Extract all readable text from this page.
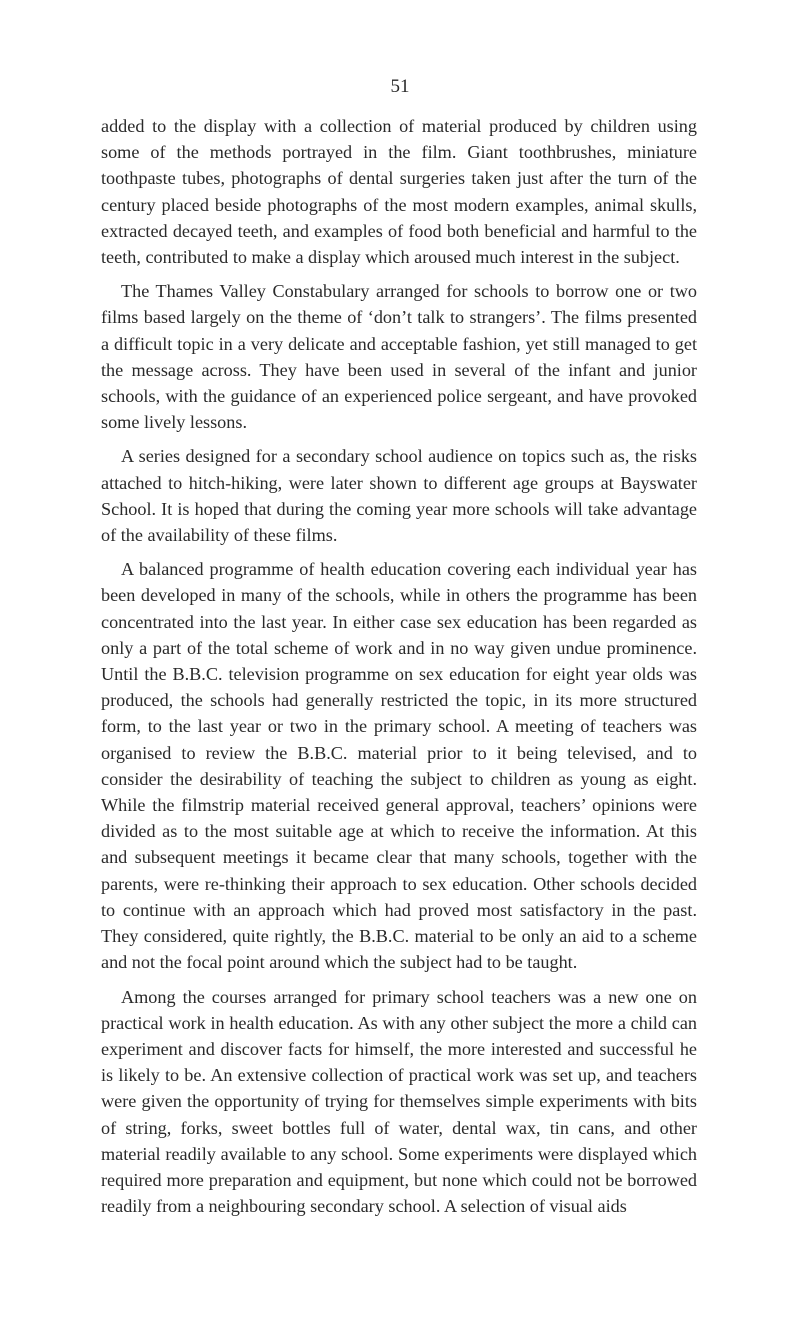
51

added to the display with a collection of material produced by children using some of the methods portrayed in the film. Giant toothbrushes, miniature toothpaste tubes, photographs of dental surgeries taken just after the turn of the century placed beside photographs of the most modern examples, animal skulls, extracted decayed teeth, and examples of food both beneficial and harmful to the teeth, contributed to make a display which aroused much interest in the subject.

The Thames Valley Constabulary arranged for schools to borrow one or two films based largely on the theme of ‘don’t talk to strangers’. The films presented a difficult topic in a very delicate and acceptable fashion, yet still managed to get the message across. They have been used in several of the infant and junior schools, with the guidance of an experienced police sergeant, and have provoked some lively lessons.

A series designed for a secondary school audience on topics such as, the risks attached to hitch-hiking, were later shown to different age groups at Bayswater School. It is hoped that during the coming year more schools will take advantage of the availability of these films.

A balanced programme of health education covering each individual year has been developed in many of the schools, while in others the programme has been concentrated into the last year. In either case sex education has been regarded as only a part of the total scheme of work and in no way given undue prominence. Until the B.B.C. television programme on sex education for eight year olds was produced, the schools had generally restricted the topic, in its more structured form, to the last year or two in the primary school. A meeting of teachers was organised to review the B.B.C. material prior to it being televised, and to consider the desirability of teaching the subject to children as young as eight. While the filmstrip material received general approval, teachers’ opinions were divided as to the most suitable age at which to receive the information. At this and subsequent meetings it became clear that many schools, together with the parents, were re-thinking their approach to sex education. Other schools decided to continue with an approach which had proved most satisfactory in the past. They considered, quite rightly, the B.B.C. material to be only an aid to a scheme and not the focal point around which the subject had to be taught.

Among the courses arranged for primary school teachers was a new one on practical work in health education. As with any other subject the more a child can experiment and discover facts for himself, the more interested and successful he is likely to be. An extensive collection of practical work was set up, and teachers were given the opportunity of trying for themselves simple experiments with bits of string, forks, sweet bottles full of water, dental wax, tin cans, and other material readily available to any school. Some experiments were displayed which required more preparation and equipment, but none which could not be borrowed readily from a neighbouring secondary school. A selection of visual aids
